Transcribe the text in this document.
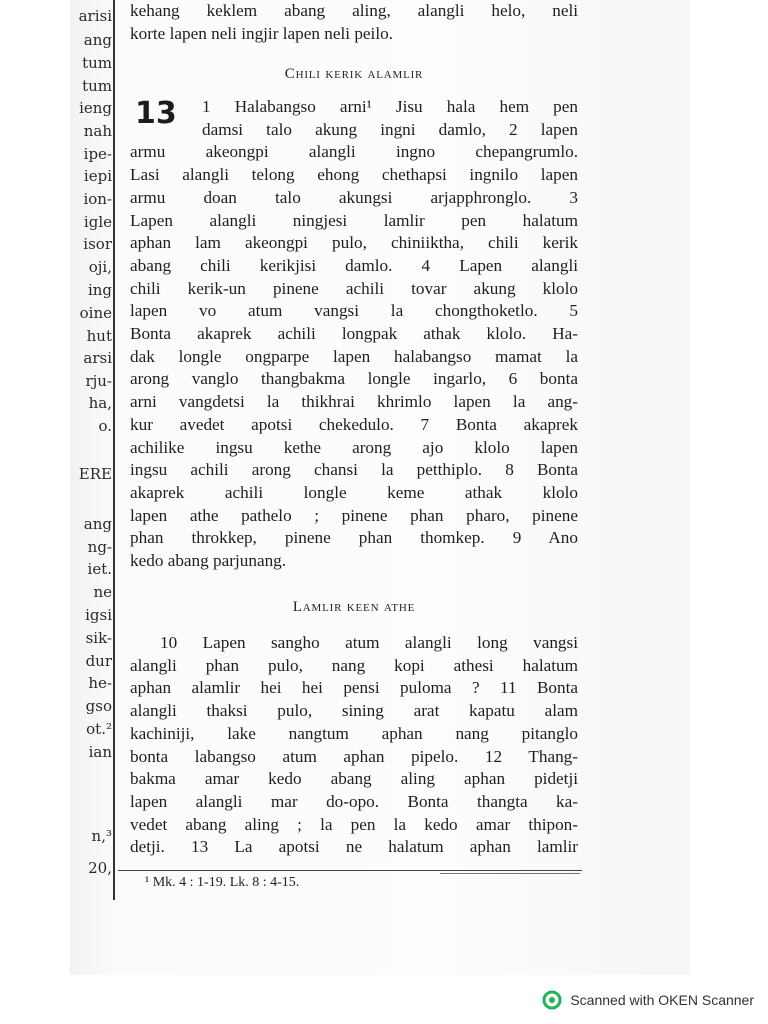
arisi
ang
tum
tum
ieng
nah
ipe-
iepi
ion-
igle
isor
oji,
ing
oine
hut
arsi
rju-
ha,
o.
ERE
ang
ng-
iet.
ne
igsi
sik-
dur
he-
gso
ot.²
ian
n,³
20,
kehang keklem abang aling, alangli helo, neli
korte lapen neli ingjir lapen neli peilo.
Chili kerik alamlir
13	1 Halabangso arni¹ Jisu hala hem pen
damsi talo akung ingni damlo, 2 lapen
armu akeongpi alangli ingno chepangrumlo.
Lasi alangli telong ehong chethapsi ingnilo lapen
armu doan talo akungsi arjapphronglo. 3
Lapen alangli ningjesi lamlir pen halatum
aphan lam akeongpi pulo, chiniiktha, chili kerik
abang chili kerikjisi damlo. 4 Lapen alangli
chili kerik-un pinene achili tovar akung klolo
lapen vo atum vangsi la chongthoketlo. 5
Bonta akaprek achili longpak athak klolo. Ha-
dak longle ongparpe lapen halabangso mamat la
arong vanglo thangbakma longle ingarlo, 6 bonta
arni vangdetsi la thikhrai khrimlo lapen la ang-
kur avedet apotsi chekedulo. 7 Bonta akaprek
achilike ingsu kethe arong ajo klolo lapen
ingsu achili arong chansi la petthiplo. 8 Bonta
akaprek achili longle keme athak klolo
lapen athe pathelo ; pinene phan pharo, pinene
phan throkkep, pinene phan thomkep. 9 Ano
kedo abang parjunang.
Lamlir keen athe
10 Lapen sangho atum alangli long vangsi
alangli phan pulo, nang kopi athesi halatum
aphan alamlir hei hei pensi puloma ? 11 Bonta
alangli thaksi pulo, sining arat kapatu alam
kachiniji, lake nangtum aphan nang pitanglo
bonta labangso atum aphan pipelo. 12 Thang-
bakma amar kedo abang aling aphan pidetji
lapen alangli mar do-opo. Bonta thangta ka-
vedet abang aling ; la pen la kedo amar thipon-
detji. 13 La apotsi ne halatum aphan lamlir
¹ Mk. 4 : 1-19. Lk. 8 : 4-15.
Scanned with OKEN Scanner
